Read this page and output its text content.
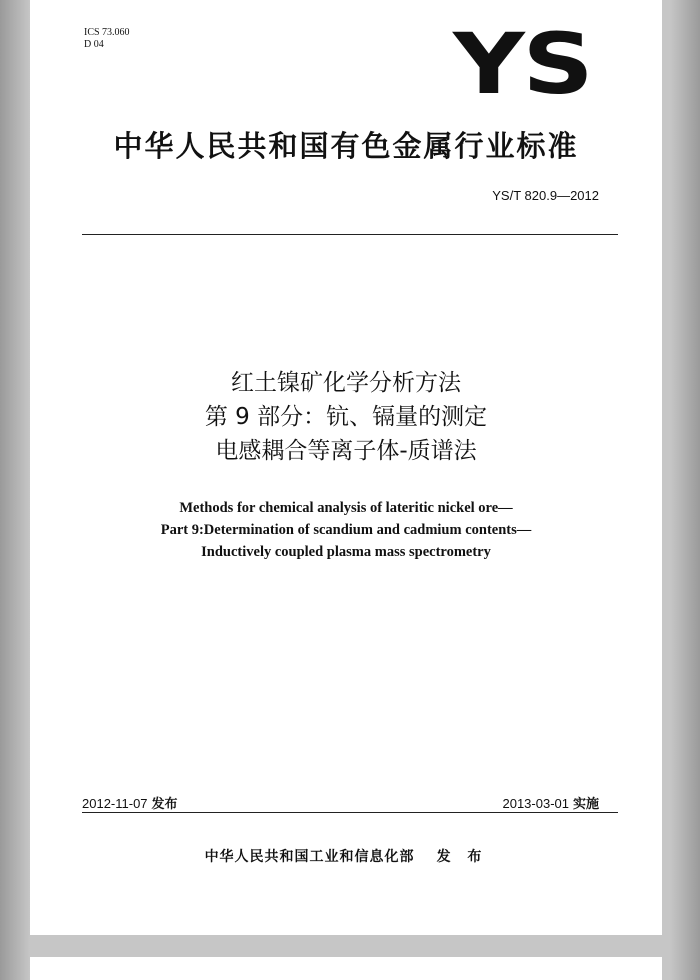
ICS 73.060
D 04	YS
中华人民共和国有色金属行业标准
YS/T 820.9—2012
红土镍矿化学分析方法
第 9 部分：钪、镉量的测定
电感耦合等离子体-质谱法
Methods for chemical analysis of lateritic nickel ore—
Part 9:Determination of scandium and cadmium contents—
Inductively coupled plasma mass spectrometry
2012-11-07 发布	2013-03-01 实施
中华人民共和国工业和信息化部 发 布
